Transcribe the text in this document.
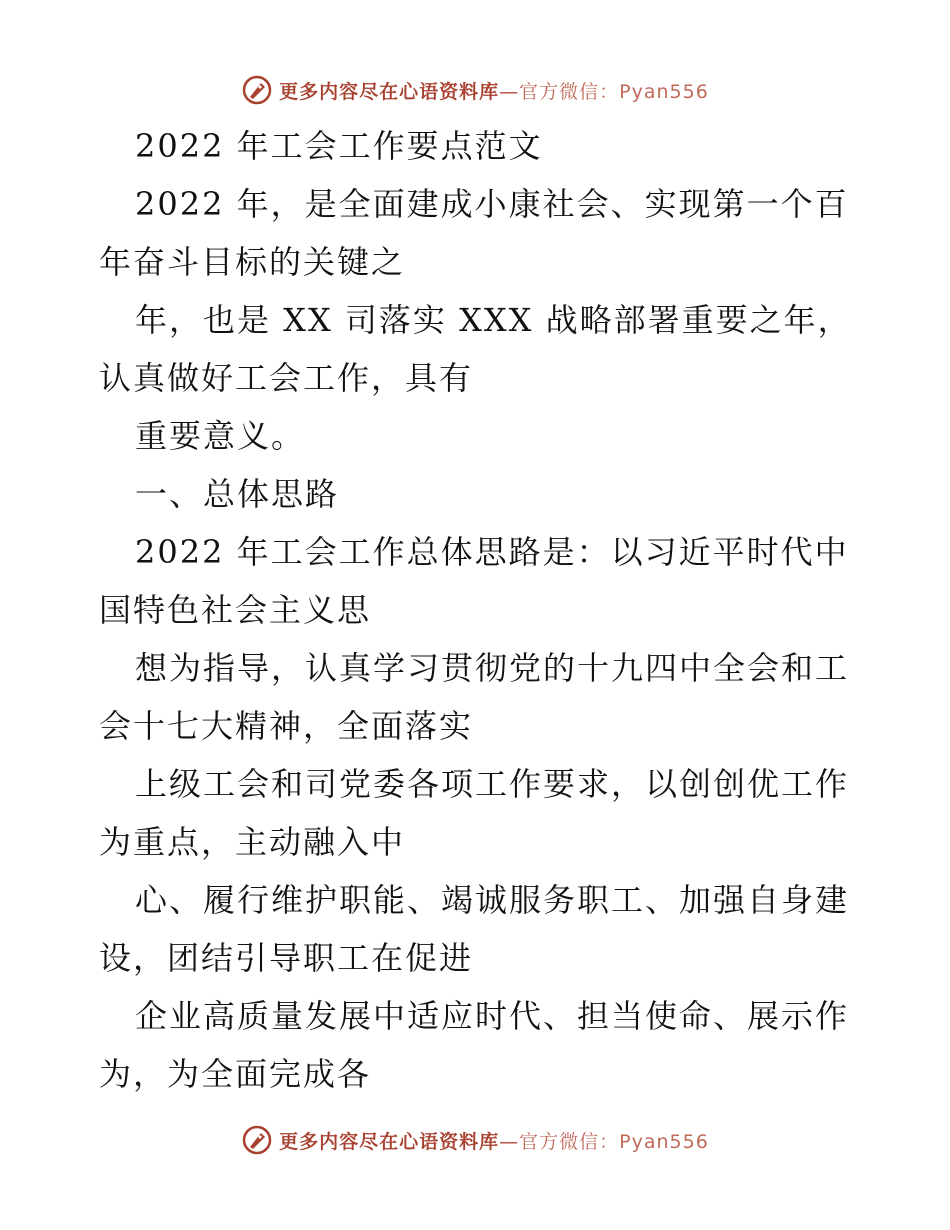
更多内容尽在心语资料库—官方微信：Pyan556
2022 年工会工作要点范文
2022 年，是全面建成小康社会、实现第一个百
年奋斗目标的关键之
年，也是 XX 司落实 XXX 战略部署重要之年，
认真做好工会工作，具有
重要意义。
一、总体思路
2022 年工会工作总体思路是：以习近平时代中
国特色社会主义思
想为指导，认真学习贯彻党的十九四中全会和工
会十七大精神，全面落实
上级工会和司党委各项工作要求，以创创优工作
为重点，主动融入中
心、履行维护职能、竭诚服务职工、加强自身建
设，团结引导职工在促进
企业高质量发展中适应时代、担当使命、展示作
为，为全面完成各
更多内容尽在心语资料库—官方微信：Pyan556
